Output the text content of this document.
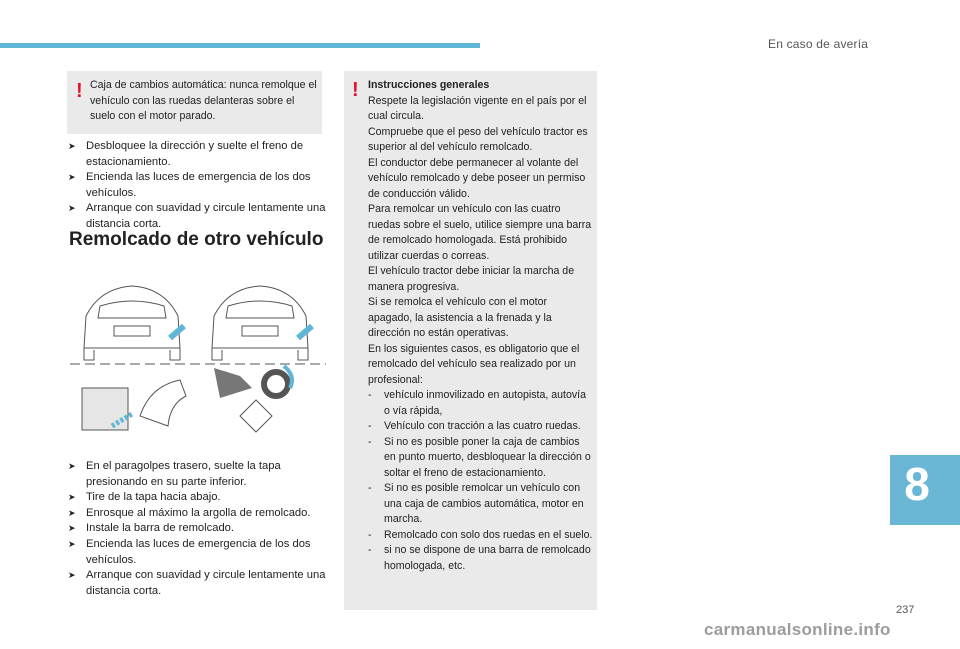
En caso de avería
8
237
! Caja de cambios automática: nunca remolque el vehículo con las ruedas delanteras sobre el suelo con el motor parado.
➤ Desbloquee la dirección y suelte el freno de estacionamiento.
➤ Encienda las luces de emergencia de los dos vehículos.
➤ Arranque con suavidad y circule lentamente una distancia corta.
Remolcado de otro vehículo
➤ En el paragolpes trasero, suelte la tapa presionando en su parte inferior.
➤ Tire de la tapa hacia abajo.
➤ Enrosque al máximo la argolla de remolcado.
➤ Instale la barra de remolcado.
➤ Encienda las luces de emergencia de los dos vehículos.
➤ Arranque con suavidad y circule lentamente una distancia corta.
! Instrucciones generales

Respete la legislación vigente en el país por el cual circula.

Compruebe que el peso del vehículo tractor es superior al del vehículo remolcado.

El conductor debe permanecer al volante del vehículo remolcado y debe poseer un permiso de conducción válido.

Para remolcar un vehículo con las cuatro ruedas sobre el suelo, utilice siempre una barra de remolcado homologada. Está prohibido utilizar cuerdas o correas.

El vehículo tractor debe iniciar la marcha de manera progresiva.

Si se remolca el vehículo con el motor apagado, la asistencia a la frenada y la dirección no están operativas.

En los siguientes casos, es obligatorio que el remolcado del vehículo sea realizado por un profesional:

- vehículo inmovilizado en autopista, autovía o vía rápida,
- Vehículo con tracción a las cuatro ruedas.
- Si no es posible poner la caja de cambios en punto muerto, desbloquear la dirección o soltar el freno de estacionamiento.
- Si no es posible remolcar un vehículo con una caja de cambios automática, motor en marcha.
- Remolcado con solo dos ruedas en el suelo.
- si no se dispone de una barra de remolcado homologada, etc.
carmanualsonline.info
